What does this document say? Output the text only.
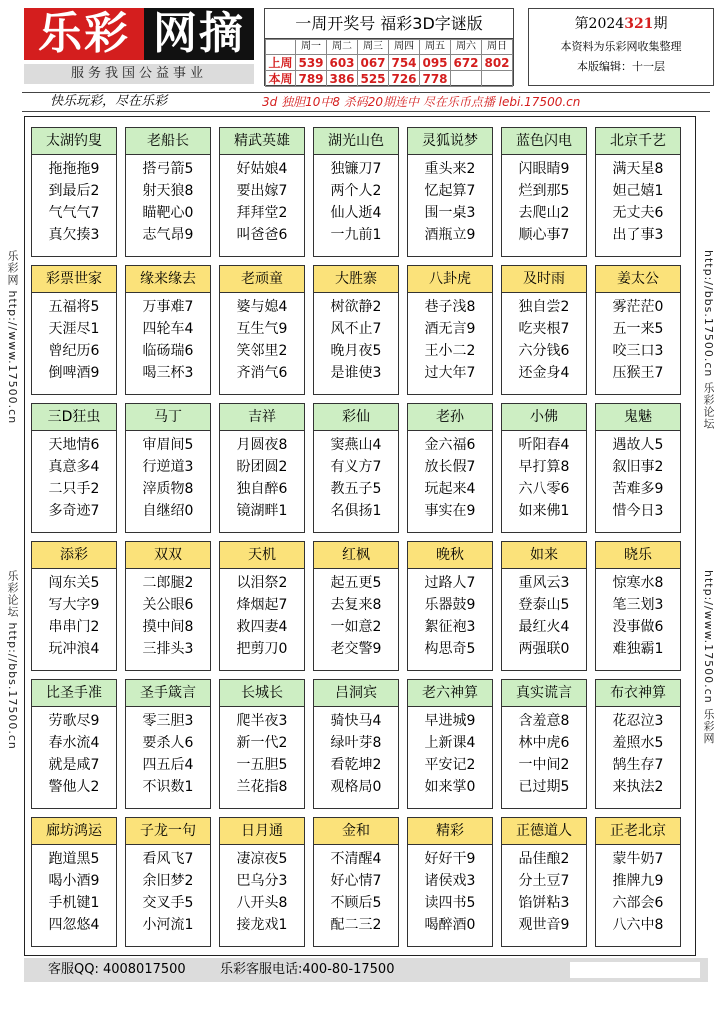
乐彩 网摘
服务我国公益事业
一周开奖号 福彩3D字谜版
	周一	周二	周三	周四	周五	周六	周日
上周	539	603	067	754	095	672	802
本周	789	386	525	726	778		
第2024321期
本资料为乐彩网收集整理
本版编辑：十一层
快乐玩彩，尽在乐彩	3d 独胆10中8 杀码20期连中 尽在乐币点播 lebi.17500.cn
乐彩网 http://www.17500.cn
乐彩论坛 http://bbs.17500.cn
http://bbs.17500.cn 乐彩论坛
http://www.17500.cn 乐彩网
太湖钓叟
拖拖拖9
到最后2
气气气7
真欠揍3
老船长
搭弓箭5
射天狼8
瞄靶心0
志气昂9
精武英雄
好姑娘4
要出嫁7
拜拜堂2
叫爸爸6
湖光山色
独镰刀7
两个人2
仙人逝4
一九前1
灵狐说梦
重头来2
忆起算7
围一桌3
酒瓶立9
蓝色闪电
闪眼睛9
烂到那5
去爬山2
顺心事7
北京千艺
满天星8
妲己嬉1
无丈夫6
出了事3
彩票世家
五福将5
天涯尽1
曾纪历6
倒啤酒9
缘来缘去
万事难7
四轮车4
临砀瑞6
喝三杯3
老顽童
婆与媳4
互生气9
笑邻里2
齐消气6
大胜寨
树欲静2
风不止7
晚月夜5
是谁使3
八卦虎
巷子浅8
酒无言9
王小二2
过大年7
及时雨
独自尝2
吃夹根7
六分钱6
还金身4
姜太公
雾茫茫0
五一来5
咬三口3
压猴王7
三D狂虫
天地情6
真意多4
二只手2
多奇迹7
马丁
审眉间5
行逆道3
滓质物8
自继绍0
吉祥
月圆夜8
盼团圆2
独自醉6
镜湖畔1
彩仙
窦燕山4
有义方7
教五子5
名俱扬1
老孙
金六福6
放长假7
玩起来4
事实在9
小佛
听阳春4
早打算8
六八零6
如来佛1
鬼魅
遇故人5
叙旧事2
苦难多9
惜今日3
添彩
闯东关5
写大字9
串串门2
玩冲浪4
双双
二郎腿2
关公眼6
摸中间8
三排头3
天机
以泪祭2
烽烟起7
救四妻4
把剪刀0
红枫
起五更5
去复来8
一如意2
老交警9
晚秋
过路人7
乐器鼓9
絮征袍3
构思奇5
如来
重风云3
登泰山5
最红火4
两强联0
晓乐
惊寒水8
笔三划3
没事做6
难独霸1
比圣手准
劳歌尽9
春水流4
就是咸7
警他人2
圣手箴言
零三胆3
要杀人6
四五后4
不识数1
长城长
爬半夜3
新一代2
一五胆5
兰花指8
吕洞宾
骑快马4
绿叶芽8
看乾坤2
观格局0
老六神算
早进城9
上新课4
平安记2
如来掌0
真实谎言
含羞意8
林中虎6
一中间2
已过期5
布衣神算
花忍泣3
羞照水5
鹄生存7
来执法2
廊坊鸿运
跑道黑5
喝小酒9
手机键1
四忽悠4
子龙一句
看风飞7
余旧梦2
交叉手5
小河流1
日月通
凄凉夜5
巴乌分3
八开头8
接龙戏1
金和
不清醒4
好心情7
不顾后5
配二三2
精彩
好好干9
诸侯戏3
读四书5
喝醉酒0
正德道人
品佳酿2
分土豆7
馅饼粘3
观世音9
正老北京
蒙牛奶7
推牌九9
六部会6
八六中8
客服QQ: 4008017500	乐彩客服电话:400-80-17500
